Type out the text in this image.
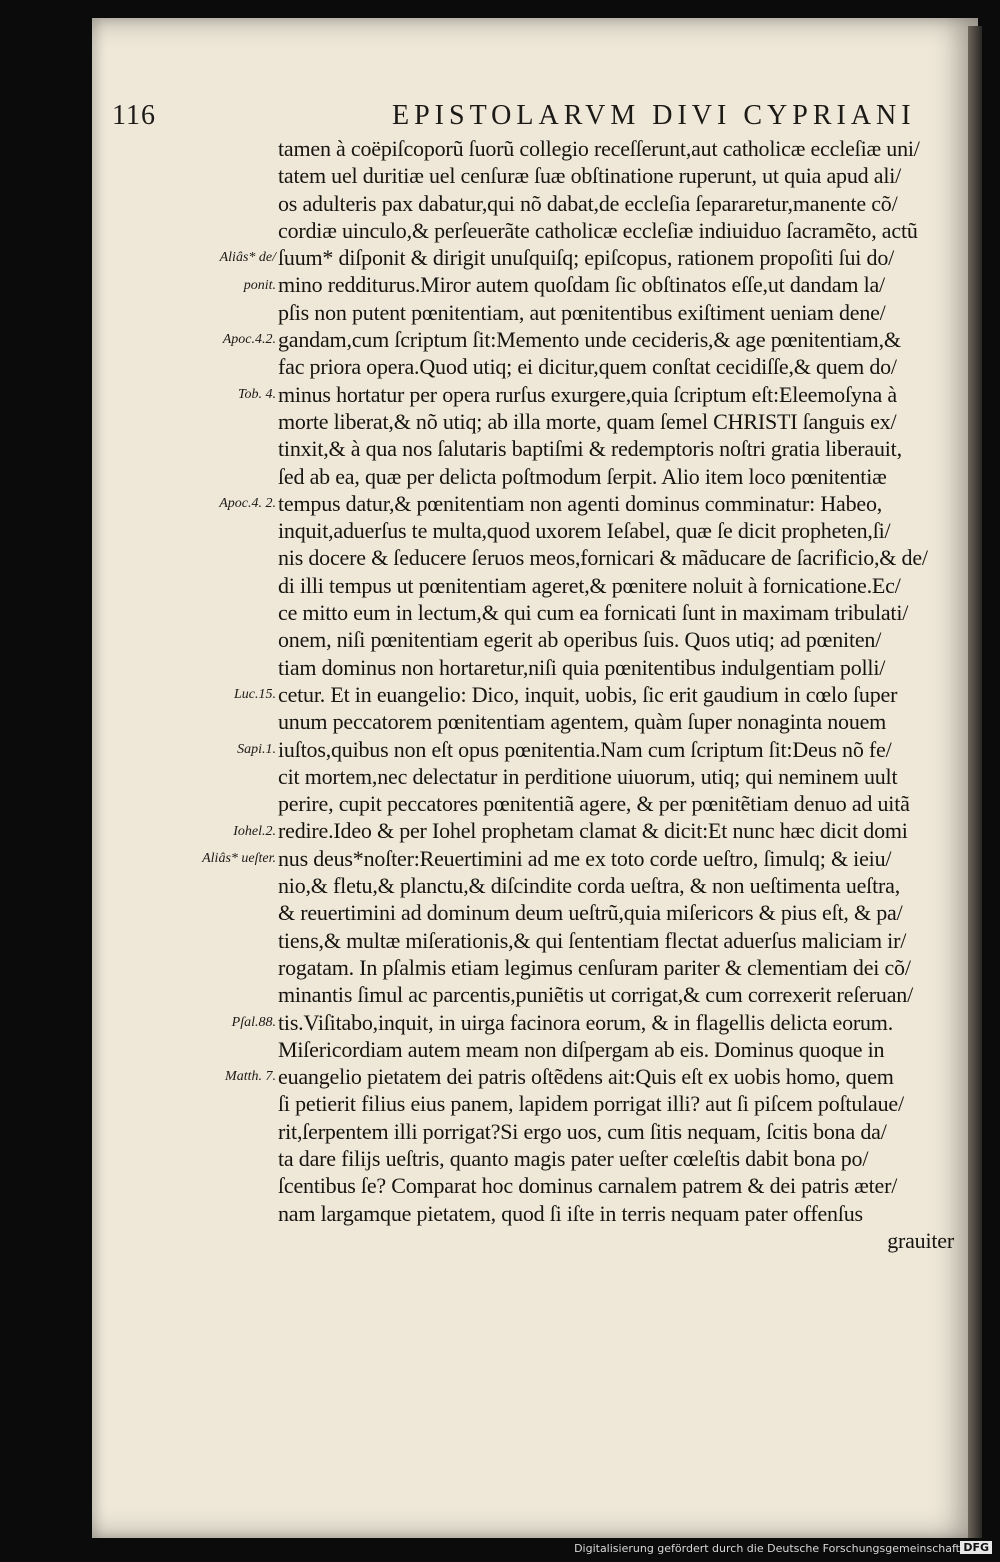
116	EPISTOLARVM DIVI CYPRIANI
Aliâs* de/
ponit.
Apoc.4.2.
Tob. 4.
Apoc.4. 2.
Luc.15.
Sapi.1.
Iohel.2.
Aliâs* ueſter.
Pſal.88.
Matth. 7.
tamen à coëpiſcoporũ ſuorũ collegio receſſerunt,aut catholicæ eccleſiæ uni/
tatem uel duritiæ uel cenſuræ ſuæ obſtinatione ruperunt, ut quia apud ali/
os adulteris pax dabatur,qui nõ dabat,de eccleſia ſepararetur,manente cõ/
cordiæ uinculo,& perſeuerãte catholicæ eccleſiæ indiuiduo ſacramẽto, actũ
ſuum* diſponit & dirigit unuſquiſq; epiſcopus, rationem propoſiti ſui do/
mino redditurus.Miror autem quoſdam ſic obſtinatos eſſe,ut dandam la/
pſis non putent pœnitentiam, aut pœnitentibus exiſtiment ueniam dene/
gandam,cum ſcriptum ſit:Memento unde cecideris,& age pœnitentiam,&
fac priora opera.Quod utiq; ei dicitur,quem conſtat cecidiſſe,& quem do/
minus hortatur per opera rurſus exurgere,quia ſcriptum eſt:Eleemoſyna à
morte liberat,& nõ utiq; ab illa morte, quam ſemel CHRISTI ſanguis ex/
tinxit,& à qua nos ſalutaris baptiſmi & redemptoris noſtri gratia liberauit,
ſed ab ea, quæ per delicta poſtmodum ſerpit. Alio item loco pœnitentiæ
tempus datur,& pœnitentiam non agenti dominus comminatur: Habeo,
inquit,aduerſus te multa,quod uxorem Ieſabel, quæ ſe dicit propheten,ſi/
nis docere & ſeducere ſeruos meos,fornicari & mãducare de ſacrificio,& de/
di illi tempus ut pœnitentiam ageret,& pœnitere noluit à fornicatione.Ec/
ce mitto eum in lectum,& qui cum ea fornicati ſunt in maximam tribulati/
onem, niſi pœnitentiam egerit ab operibus ſuis. Quos utiq; ad pœniten/
tiam dominus non hortaretur,niſi quia pœnitentibus indulgentiam polli/
cetur. Et in euangelio: Dico, inquit, uobis, ſic erit gaudium in cœlo ſuper
unum peccatorem pœnitentiam agentem, quàm ſuper nonaginta nouem
iuſtos,quibus non eſt opus pœnitentia.Nam cum ſcriptum ſit:Deus nõ fe/
cit mortem,nec delectatur in perditione uiuorum, utiq; qui neminem uult
perire, cupit peccatores pœnitentiã agere, & per pœnitẽtiam denuo ad uitã
redire.Ideo & per Iohel prophetam clamat & dicit:Et nunc hæc dicit domi
nus deus*noſter:Reuertimini ad me ex toto corde ueſtro, ſimulq; & ieiu/
nio,& fletu,& planctu,& diſcindite corda ueſtra, & non ueſtimenta ueſtra,
& reuertimini ad dominum deum ueſtrũ,quia miſericors & pius eſt, & pa/
tiens,& multæ miſerationis,& qui ſententiam flectat aduerſus maliciam ir/
rogatam. In pſalmis etiam legimus cenſuram pariter & clementiam dei cõ/
minantis ſimul ac parcentis,puniẽtis ut corrigat,& cum correxerit reſeruan/
tis.Viſitabo,inquit, in uirga facinora eorum, & in flagellis delicta eorum.
Miſericordiam autem meam non diſpergam ab eis. Dominus quoque in
euangelio pietatem dei patris oſtẽdens ait:Quis eſt ex uobis homo, quem
ſi petierit filius eius panem, lapidem porrigat illi? aut ſi piſcem poſtulaue/
rit,ſerpentem illi porrigat?Si ergo uos, cum ſitis nequam, ſcitis bona da/
ta dare filijs ueſtris, quanto magis pater ueſter cœleſtis dabit bona po/
ſcentibus ſe? Comparat hoc dominus carnalem patrem & dei patris æter/
nam largamque pietatem, quod ſi iſte in terris nequam pater offenſus
grauiter
Digitalisierung gefördert durch die Deutsche Forschungsgemeinschaft DFG
